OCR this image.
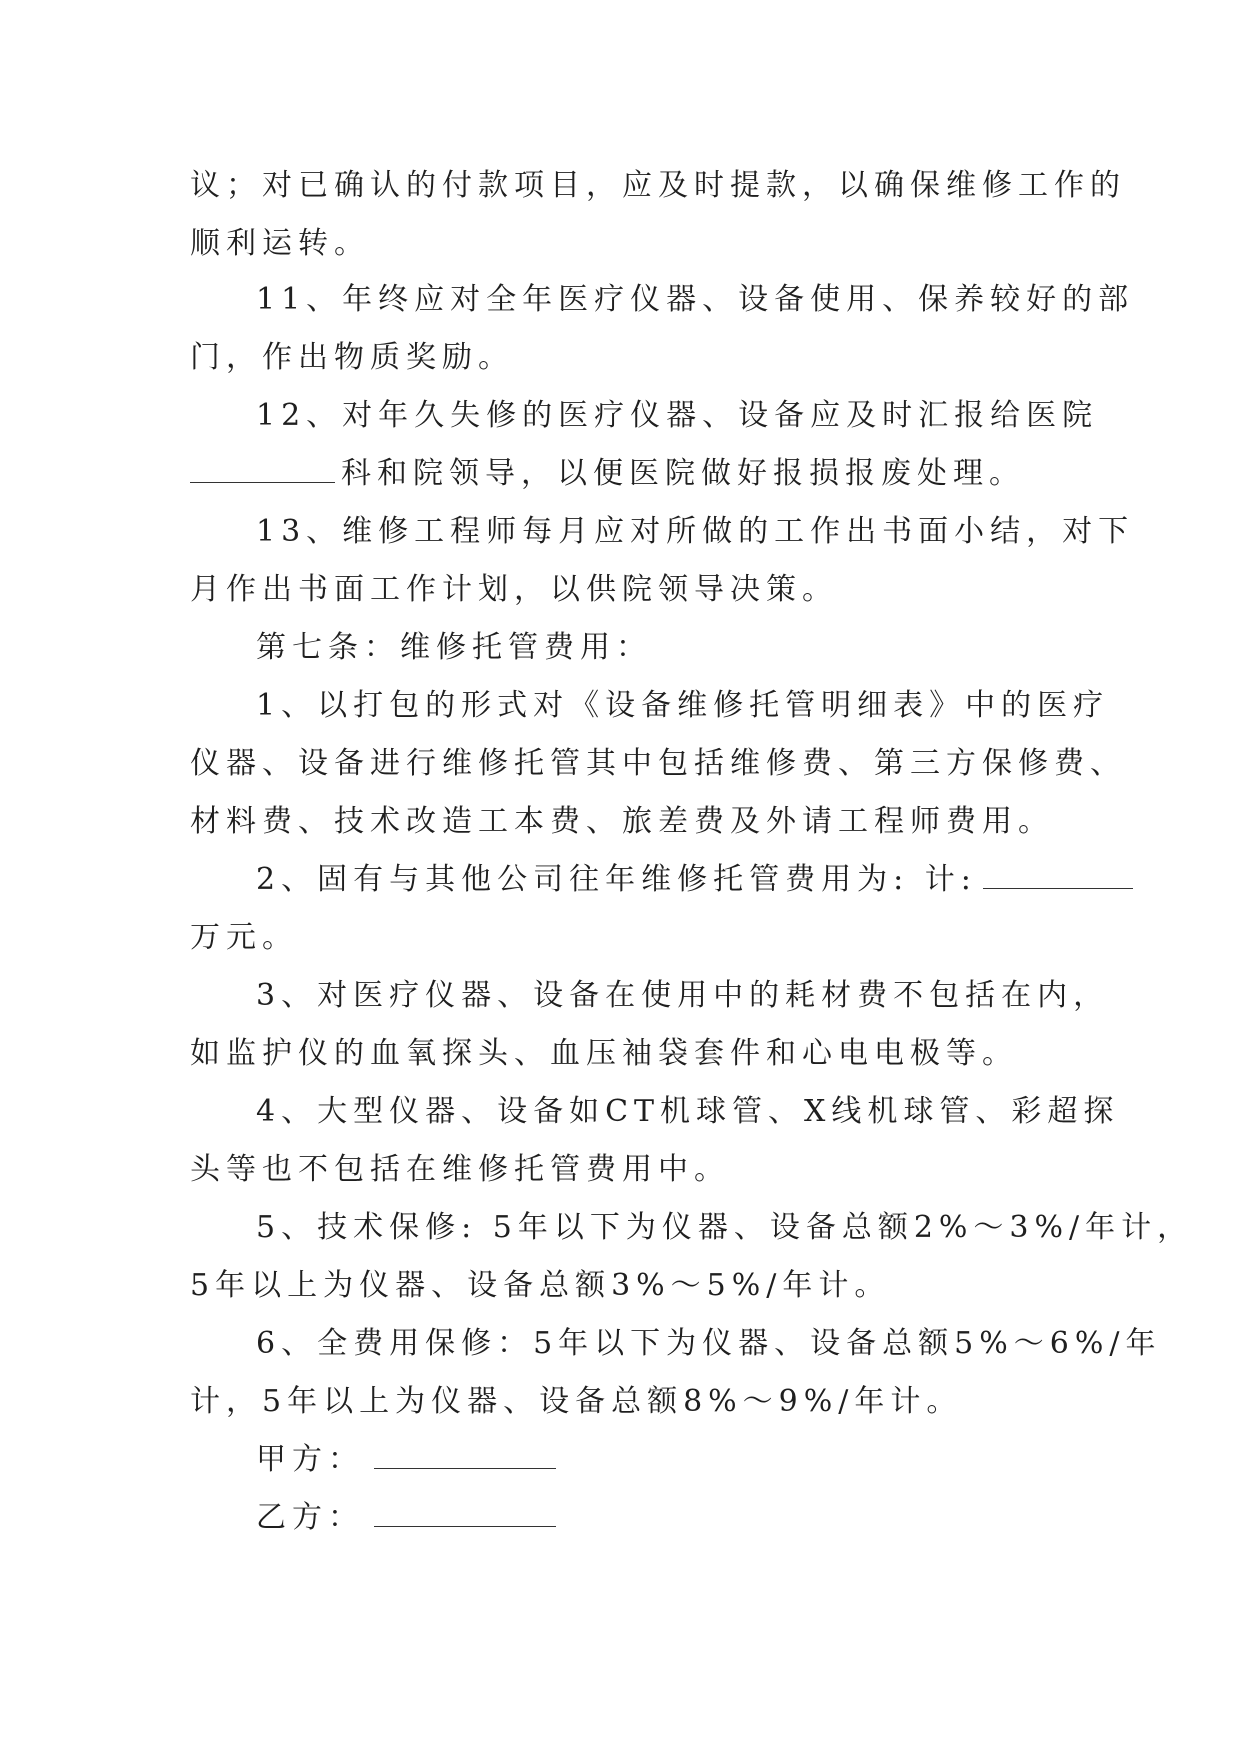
议；对已确认的付款项目，应及时提款，以确保维修工作的
顺利运转。
11、年终应对全年医疗仪器、设备使用、保养较好的部
门，作出物质奖励。
12、对年久失修的医疗仪器、设备应及时汇报给医院
科和院领导，以便医院做好报损报废处理。
13、维修工程师每月应对所做的工作出书面小结，对下
月作出书面工作计划，以供院领导决策。
第七条：维修托管费用：
1、以打包的形式对《设备维修托管明细表》中的医疗
仪器、设备进行维修托管其中包括维修费、第三方保修费、
材料费、技术改造工本费、旅差费及外请工程师费用。
2、固有与其他公司往年维修托管费用为: 计:
万元。
3、对医疗仪器、设备在使用中的耗材费不包括在内，
如监护仪的血氧探头、血压袖袋套件和心电电极等。
4、大型仪器、设备如CT机球管、X线机球管、彩超探
头等也不包括在维修托管费用中。
5、技术保修: 5年以下为仪器、设备总额2%～3%/年计，
5年以上为仪器、设备总额3%～5%/年计。
6、全费用保修：5年以下为仪器、设备总额5%～6%/年
计，5年以上为仪器、设备总额8%～9%/年计。
甲方：
乙方：
